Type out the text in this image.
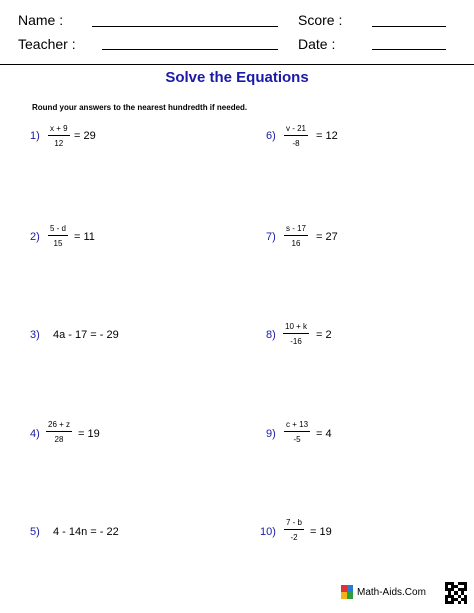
Name :	Score :
Teacher :	Date :
Solve the Equations
Round your answers to the nearest hundredth if needed.
$1) \frac{x + 9}{12} = 29$
$2) \frac{5 - d}{15} = 11$
3) 4a - 17 = - 29
$4) \frac{26 + z}{28} = 19$
5) 4 - 14n = - 22
$6) \frac{v - 21}{-8} = 12$
$7) \frac{s - 17}{16} = 27$
$8) \frac{10 + k}{-16} = 2$
$9) \frac{c + 13}{-5} = 4$
$10) \frac{7 - b}{-2} = 19$
Math-Aids.Com
